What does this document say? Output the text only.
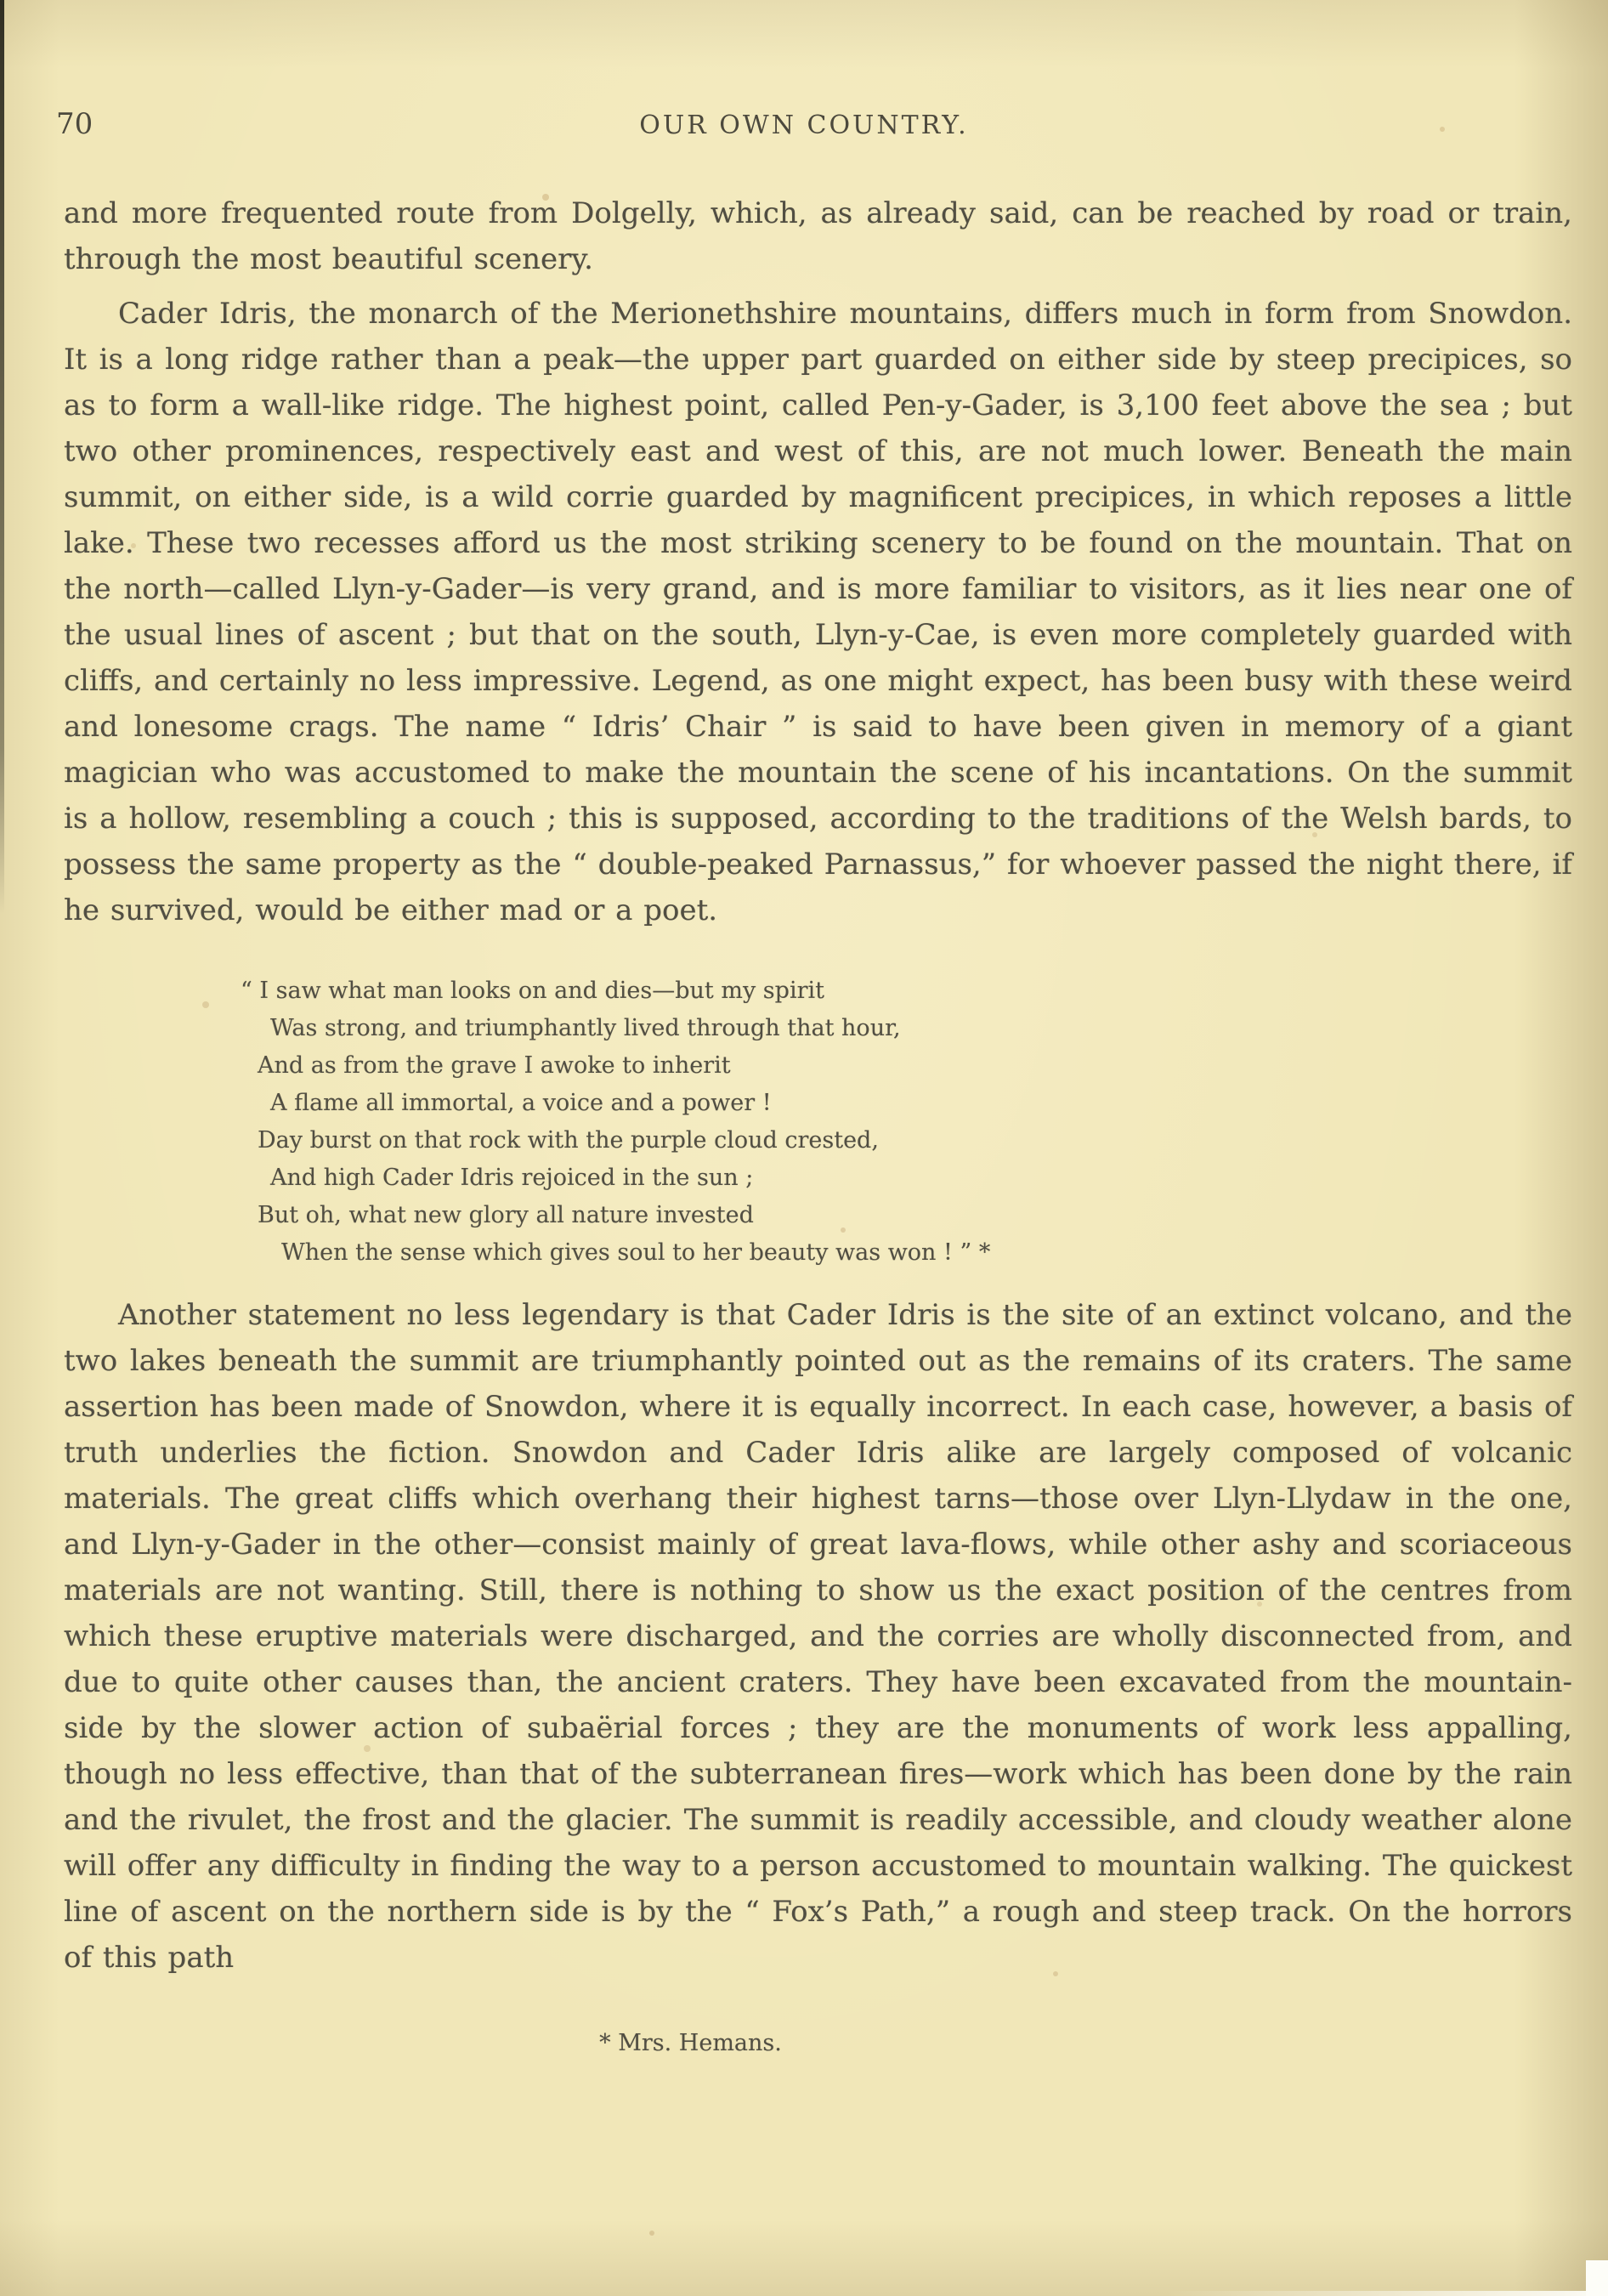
70	OUR OWN COUNTRY.

and more frequented route from Dolgelly, which, as already said, can be reached by road or train, through the most beautiful scenery.

Cader Idris, the monarch of the Merionethshire mountains, differs much in form from Snowdon. It is a long ridge rather than a peak—the upper part guarded on either side by steep precipices, so as to form a wall-like ridge. The highest point, called Pen-y-Gader, is 3,100 feet above the sea ; but two other prominences, respectively east and west of this, are not much lower. Beneath the main summit, on either side, is a wild corrie guarded by magnificent precipices, in which reposes a little lake. These two recesses afford us the most striking scenery to be found on the mountain. That on the north—called Llyn-y-Gader—is very grand, and is more familiar to visitors, as it lies near one of the usual lines of ascent ; but that on the south, Llyn-y-Cae, is even more completely guarded with cliffs, and certainly no less impressive. Legend, as one might expect, has been busy with these weird and lonesome crags. The name “ Idris’ Chair ” is said to have been given in memory of a giant magician who was accustomed to make the mountain the scene of his incantations. On the summit is a hollow, resembling a couch ; this is supposed, according to the traditions of the Welsh bards, to possess the same property as the “ double-peaked Parnassus,” for whoever passed the night there, if he survived, would be either mad or a poet.

“ I saw what man looks on and dies—but my spirit
Was strong, and triumphantly lived through that hour,
And as from the grave I awoke to inherit
A flame all immortal, a voice and a power !
Day burst on that rock with the purple cloud crested,
And high Cader Idris rejoiced in the sun ;
But oh, what new glory all nature invested
When the sense which gives soul to her beauty was won ! ” *

Another statement no less legendary is that Cader Idris is the site of an extinct volcano, and the two lakes beneath the summit are triumphantly pointed out as the remains of its craters. The same assertion has been made of Snowdon, where it is equally incorrect. In each case, however, a basis of truth underlies the fiction. Snowdon and Cader Idris alike are largely composed of volcanic materials. The great cliffs which overhang their highest tarns—those over Llyn-Llydaw in the one, and Llyn-y-Gader in the other—consist mainly of great lava-flows, while other ashy and scoriaceous materials are not wanting. Still, there is nothing to show us the exact position of the centres from which these eruptive materials were discharged, and the corries are wholly disconnected from, and due to quite other causes than, the ancient craters. They have been excavated from the mountain-side by the slower action of subaërial forces ; they are the monuments of work less appalling, though no less effective, than that of the subterranean fires—work which has been done by the rain and the rivulet, the frost and the glacier. The summit is readily accessible, and cloudy weather alone will offer any difficulty in finding the way to a person accustomed to mountain walking. The quickest line of ascent on the northern side is by the “ Fox’s Path,” a rough and steep track. On the horrors of this path

* Mrs. Hemans.
